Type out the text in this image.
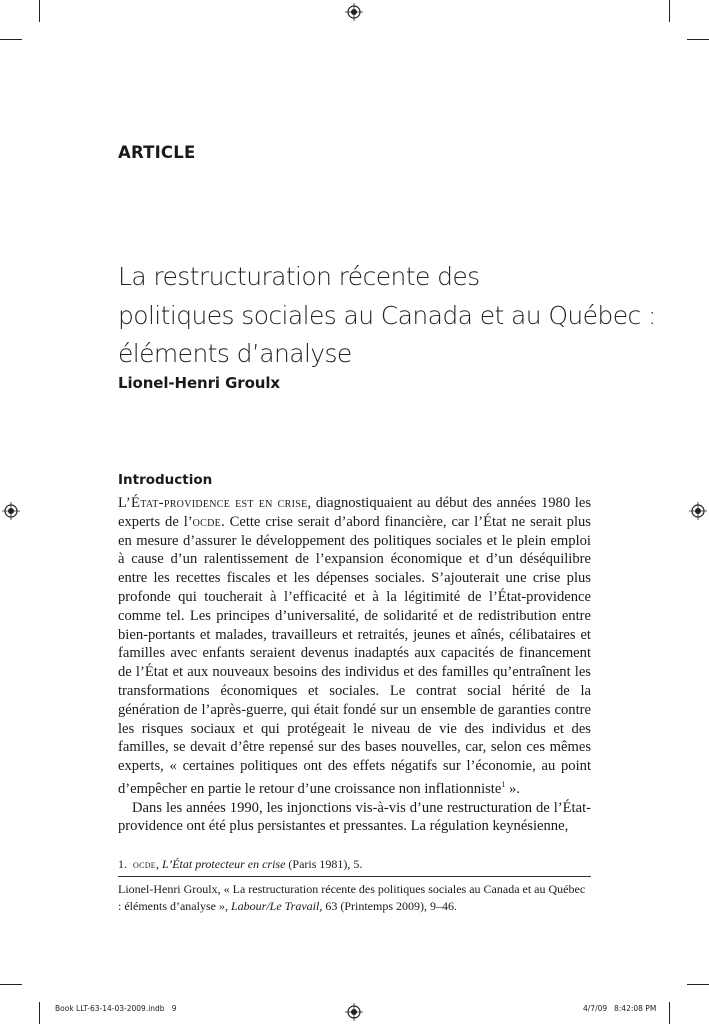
ARTICLE
La restructuration récente des
politiques sociales au Canada et au Québec :
éléments d’analyse
Lionel-Henri Groulx
Introduction

L’État-providence est en crise, diagnostiquaient au début des années 1980 les experts de l’ocde. Cette crise serait d’abord financière, car l’État ne serait plus en mesure d’assurer le développement des politiques sociales et le plein emploi à cause d’un ralentissement de l’expansion économique et d’un déséquilibre entre les recettes fiscales et les dépenses sociales. S’ajouterait une crise plus profonde qui toucherait à l’efficacité et à la légitimité de l’État-providence comme tel. Les principes d’universalité, de solidarité et de redistribution entre bien-portants et malades, travailleurs et retraités, jeunes et aînés, célibataires et familles avec enfants seraient devenus inadaptés aux capacités de financement de l’État et aux nouveaux besoins des individus et des familles qu’entraînent les transformations économiques et sociales. Le contrat social hérité de la génération de l’après-guerre, qui était fondé sur un ensemble de garanties contre les risques sociaux et qui protégeait le niveau de vie des individus et des familles, se devait d’être repensé sur des bases nouvelles, car, selon ces mêmes experts, « certaines politiques ont des effets négatifs sur l’économie, au point d’empêcher en partie le retour d’une croissance non inflationniste$^1$ ».

Dans les années 1990, les injonctions vis-à-vis d’une restructuration de l’État-providence ont été plus persistantes et pressantes. La régulation keynésienne,

1. ocde, L’État protecteur en crise (Paris 1981), 5.
Lionel-Henri Groulx, « La restructuration récente des politiques sociales au Canada et au Québec : éléments d’analyse », Labour/Le Travail, 63 (Printemps 2009), 9–46.
Book LLT-63-14-03-2009.indb   9	4/7/09 8:42:08 PM
